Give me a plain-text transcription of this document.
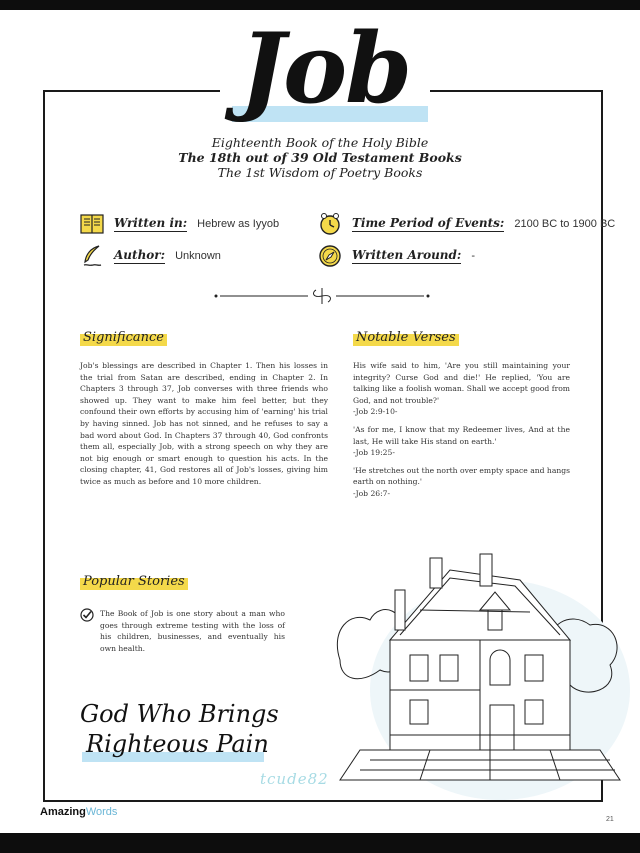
Job
Eighteenth Book of the Holy Bible
The 18th out of 39 Old Testament Books
The 1st Wisdom of Poetry Books
Written in: Hebrew as Iyyob
Author: Unknown
Time Period of Events: 2100 BC to 1900 BC
Written Around: -
Significance
Job's blessings are described in Chapter 1. Then his losses in the trial from Satan are described, ending in Chapter 2. In Chapters 3 through 37, Job converses with three friends who showed up. They want to make him feel better, but they confound their own efforts by accusing him of 'earning' his trial by having sinned. Job has not sinned, and he refuses to say a bad word about God. In Chapters 37 through 40, God confronts them all, especially Job, with a strong speech on why they are not big enough or smart enough to question his acts. In the closing chapter, 41, God restores all of Job's losses, giving him twice as much as before and 10 more children.
Notable Verses
His wife said to him, 'Are you still maintaining your integrity? Curse God and die!' He replied, 'You are talking like a foolish woman. Shall we accept good from God, and not trouble?'
-Job 2:9-10-
'As for me, I know that my Redeemer lives, And at the last, He will take His stand on earth.'
-Job 19:25-
'He stretches out the north over empty space and hangs earth on nothing.'
-Job 26:7-
Popular Stories
The Book of Job is one story about a man who goes through extreme testing with the loss of his children, businesses, and eventually his own health.
God Who Brings
Righteous Pain
tcude82
AmazingWords
21
